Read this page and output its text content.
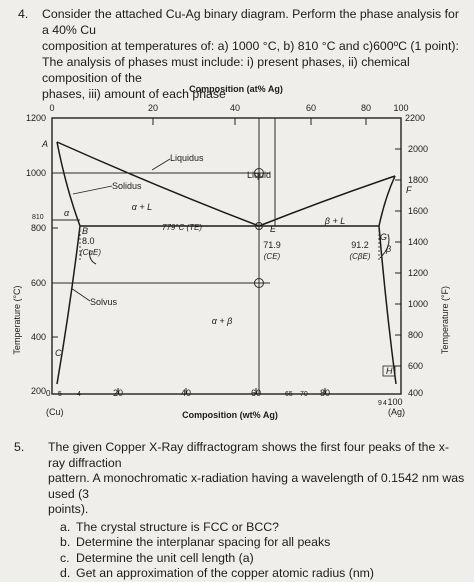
4. Consider the attached Cu-Ag binary diagram. Perform the phase analysis for a 40% Cu
composition at temperatures of: a) 1000 °C, b) 810 °C and c)600ºC (1 point):
The analysis of phases must include: i) present phases, ii) chemical composition of the
phases, iii) amount of each phase
Composition (at% Ag)
Composition (wt% Ag)
Temperature (°C)	Temperature (°F)
0	20	40	60	80 100
1200
1000
800
600
400
200
2200
2000
1800
1600
1400
1200
1000
800
600
400
0	20	40	60	80
100
(Cu)	(Ag)
Liquid
α + L
β + L
α
β
α + β
Liquidus
Solidus
Solvus
A
B
C
E
F
G
H
779°C (TE)
8.0
(CαE)
71.9
(CE)
91.2
(CβE)
810
65 70
5 4
9 4
5. The given Copper X-Ray diffractogram shows the first four peaks of the x-ray diffraction
pattern. A monochromatic x-radiation having a wavelength of 0.1542 nm was used (3
points).
a. The crystal structure is FCC or BCC?
b. Determine the interplanar spacing for all peaks
c. Determine the unit cell length (a)
d. Get an approximation of the copper atomic radius (nm)
